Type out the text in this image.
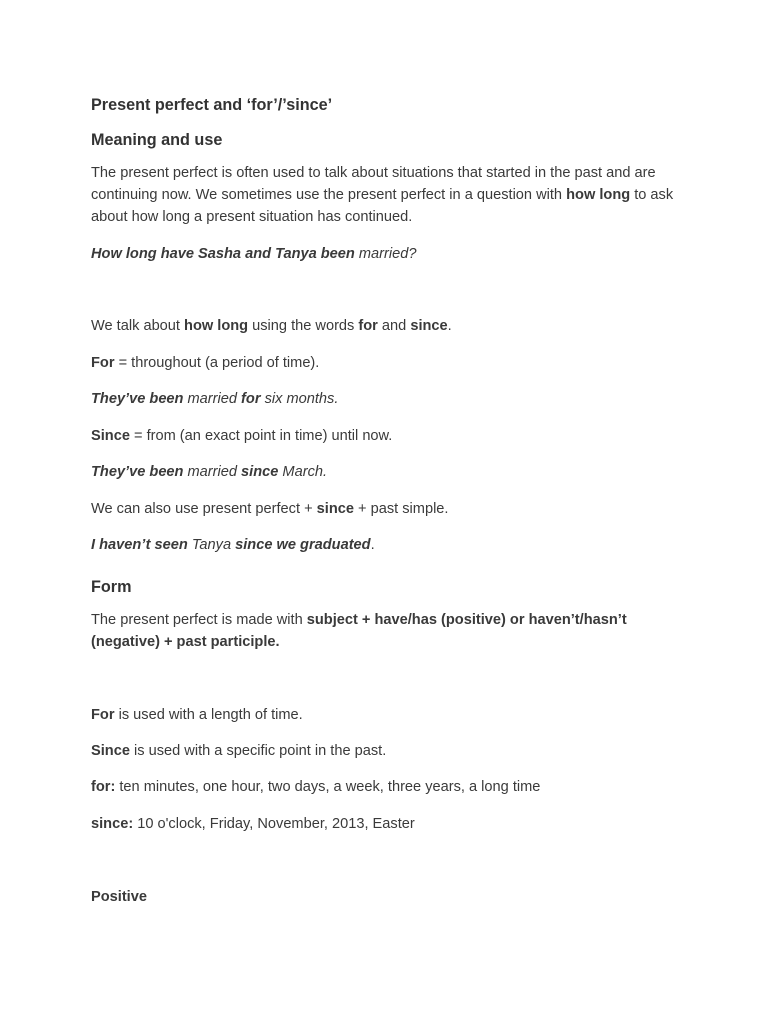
Present perfect and ‘for’/’since’
Meaning and use
The present perfect is often used to talk about situations that started in the past and are continuing now. We sometimes use the present perfect in a question with how long to ask about how long a present situation has continued.
How long have Sasha and Tanya been married?
We talk about how long using the words for and since.
For = throughout (a period of time).
They’ve been married for six months.
Since = from (an exact point in time) until now.
They’ve been married since March.
We can also use present perfect + since + past simple.
I haven’t seen Tanya since we graduated.
Form
The present perfect is made with subject + have/has (positive) or haven’t/hasn’t (negative) + past participle.
For is used with a length of time.
Since is used with a specific point in the past.
for: ten minutes, one hour, two days, a week, three years, a long time
since: 10 o'clock, Friday, November, 2013, Easter
Positive
